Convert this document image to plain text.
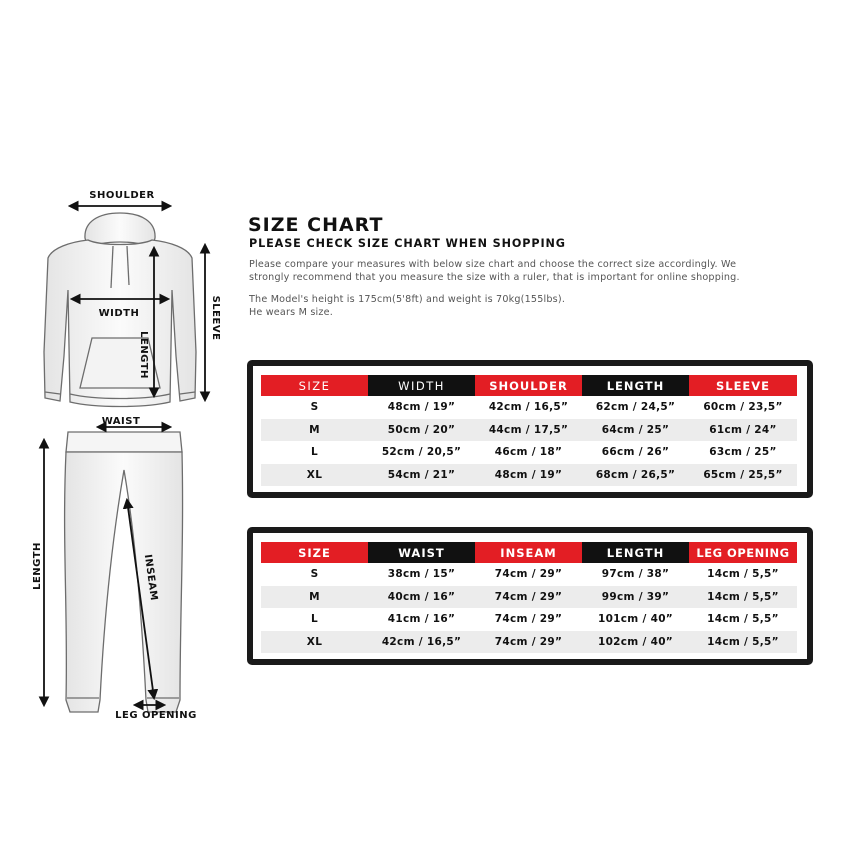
SHOULDER
WIDTH
LENGTH
SLEEVE
WAIST
LENGTH	INSEAM
LEG OPENING
SIZE CHART
PLEASE CHECK SIZE CHART WHEN SHOPPING
Please compare your measures with below size chart and choose the correct size accordingly. We
strongly recommend that you measure the size with a ruler, that is important for online shopping.
The Model's height is 175cm(5'8ft) and weight is 70kg(155lbs).
He wears M size.
SIZE	WIDTH	SHOULDER	LENGTH	SLEEVE
S	48cm / 19”	42cm / 16,5”	62cm / 24,5”	60cm / 23,5”
M	50cm / 20”	44cm / 17,5”	64cm / 25”	61cm / 24”
L	52cm / 20,5”	46cm / 18”	66cm / 26”	63cm / 25”
XL	54cm / 21”	48cm / 19”	68cm / 26,5”	65cm / 25,5”
SIZE	WAIST	INSEAM	LENGTH	LEG OPENING
S	38cm / 15”	74cm / 29”	97cm / 38”	14cm / 5,5”
M	40cm / 16”	74cm / 29”	99cm / 39”	14cm / 5,5”
L	41cm / 16”	74cm / 29”	101cm / 40”	14cm / 5,5”
XL	42cm / 16,5”	74cm / 29”	102cm / 40”	14cm / 5,5”
